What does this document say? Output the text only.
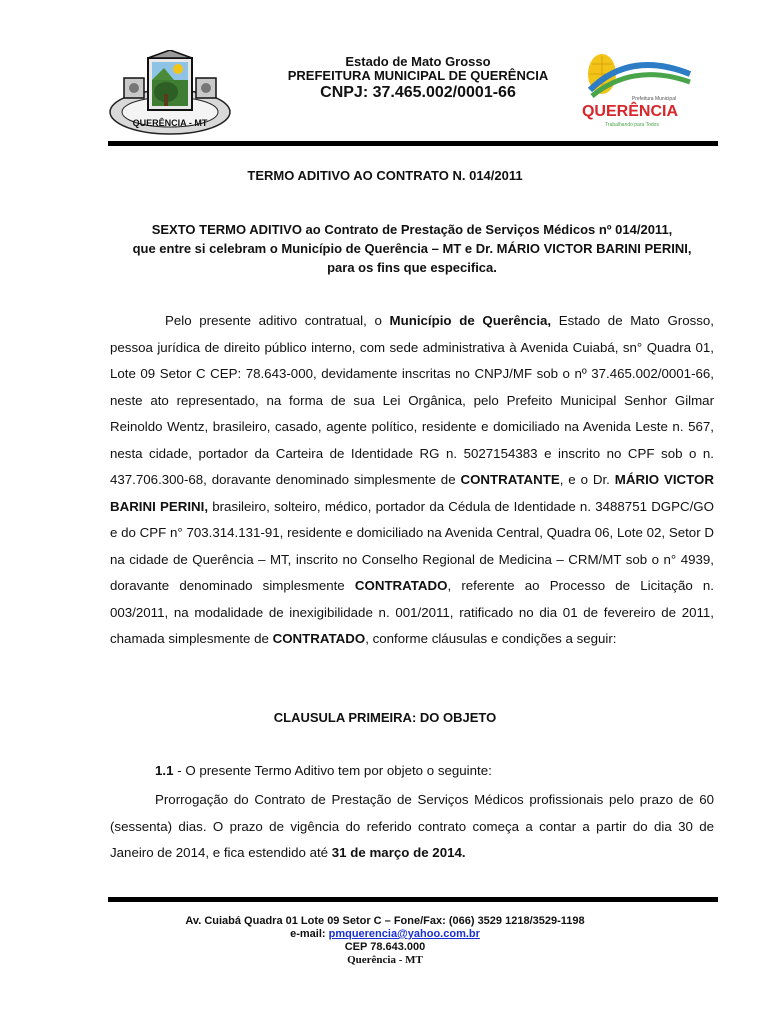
QUERÊNCIA - MT
Estado de Mato Grosso
PREFEITURA MUNICIPAL DE QUERÊNCIA
CNPJ: 37.465.002/0001-66	Prefeitura Municipal
QUERÊNCIA
Trabalhando para Todos
TERMO ADITIVO AO CONTRATO N. 014/2011
SEXTO TERMO ADITIVO ao Contrato de Prestação de Serviços Médicos nº 014/2011,
que entre si celebram o Município de Querência – MT e Dr. MÁRIO VICTOR BARINI PERINI,
para os fins que especifica.

Pelo presente aditivo contratual, o Município de Querência, Estado de Mato Grosso, pessoa jurídica de direito público interno, com sede administrativa à Avenida Cuiabá, sn° Quadra 01, Lote 09 Setor C CEP: 78.643-000, devidamente inscritas no CNPJ/MF sob o nº 37.465.002/0001-66, neste ato representado, na forma de sua Lei Orgânica, pelo Prefeito Municipal Senhor Gilmar Reinoldo Wentz, brasileiro, casado, agente político, residente e domiciliado na Avenida Leste n. 567, nesta cidade, portador da Carteira de Identidade RG n. 5027154383 e inscrito no CPF sob o n. 437.706.300-68, doravante denominado simplesmente de CONTRATANTE, e o Dr. MÁRIO VICTOR BARINI PERINI, brasileiro, solteiro, médico, portador da Cédula de Identidade n. 3488751 DGPC/GO e do CPF n° 703.314.131-91, residente e domiciliado na Avenida Central, Quadra 06, Lote 02, Setor D na cidade de Querência – MT, inscrito no Conselho Regional de Medicina – CRM/MT sob o n° 4939, doravante denominado simplesmente CONTRATADO, referente ao Processo de Licitação n. 003/2011, na modalidade de inexigibilidade n. 001/2011, ratificado no dia 01 de fevereiro de 2011, chamada simplesmente de CONTRATADO, conforme cláusulas e condições a seguir:

CLAUSULA PRIMEIRA: DO OBJETO
1.1 - O presente Termo Aditivo tem por objeto o seguinte:

Prorrogação do Contrato de Prestação de Serviços Médicos profissionais pelo prazo de 60 (sessenta) dias. O prazo de vigência do referido contrato começa a contar a partir do dia 30 de Janeiro de 2014, e fica estendido até 31 de março de 2014.

Av. Cuiabá Quadra 01 Lote 09 Setor C – Fone/Fax: (066) 3529 1218/3529-1198
e-mail: pmquerencia@yahoo.com.br
CEP 78.643.000
Querência - MT
